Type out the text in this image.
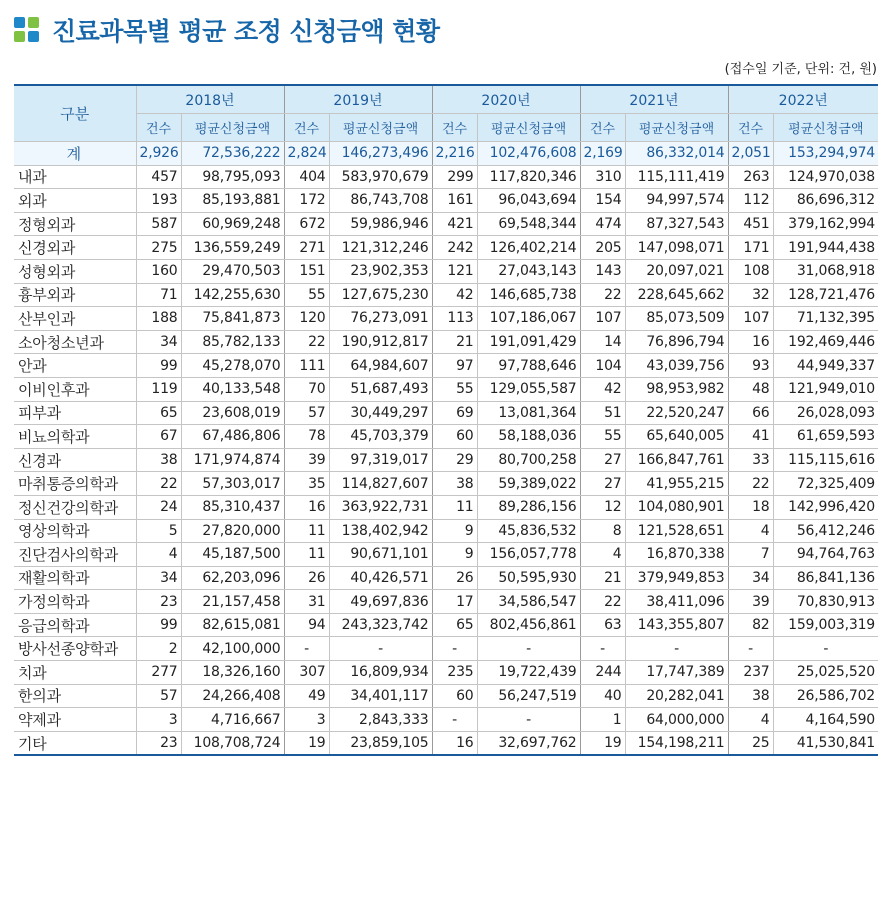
진료과목별 평균 조정 신청금액 현황
(접수일 기준, 단위: 건, 원)
구분	2018년		2019년		2020년		2021년		2022년	
	건수	평균신청금액	건수	평균신청금액	건수	평균신청금액	건수	평균신청금액	건수	평균신청금액
계	2,926	72,536,222	2,824	146,273,496	2,216	102,476,608	2,169	86,332,014	2,051	153,294,974
내과	457	98,795,093	404	583,970,679	299	117,820,346	310	115,111,419	263	124,970,038
외과	193	85,193,881	172	86,743,708	161	96,043,694	154	94,997,574	112	86,696,312
정형외과	587	60,969,248	672	59,986,946	421	69,548,344	474	87,327,543	451	379,162,994
신경외과	275	136,559,249	271	121,312,246	242	126,402,214	205	147,098,071	171	191,944,438
성형외과	160	29,470,503	151	23,902,353	121	27,043,143	143	20,097,021	108	31,068,918
흉부외과	71	142,255,630	55	127,675,230	42	146,685,738	22	228,645,662	32	128,721,476
산부인과	188	75,841,873	120	76,273,091	113	107,186,067	107	85,073,509	107	71,132,395
소아청소년과	34	85,782,133	22	190,912,817	21	191,091,429	14	76,896,794	16	192,469,446
안과	99	45,278,070	111	64,984,607	97	97,788,646	104	43,039,756	93	44,949,337
이비인후과	119	40,133,548	70	51,687,493	55	129,055,587	42	98,953,982	48	121,949,010
피부과	65	23,608,019	57	30,449,297	69	13,081,364	51	22,520,247	66	26,028,093
비뇨의학과	67	67,486,806	78	45,703,379	60	58,188,036	55	65,640,005	41	61,659,593
신경과	38	171,974,874	39	97,319,017	29	80,700,258	27	166,847,761	33	115,115,616
마취통증의학과	22	57,303,017	35	114,827,607	38	59,389,022	27	41,955,215	22	72,325,409
정신건강의학과	24	85,310,437	16	363,922,731	11	89,286,156	12	104,080,901	18	142,996,420
영상의학과	5	27,820,000	11	138,402,942	9	45,836,532	8	121,528,651	4	56,412,246
진단검사의학과	4	45,187,500	11	90,671,101	9	156,057,778	4	16,870,338	7	94,764,763
재활의학과	34	62,203,096	26	40,426,571	26	50,595,930	21	379,949,853	34	86,841,136
가정의학과	23	21,157,458	31	49,697,836	17	34,586,547	22	38,411,096	39	70,830,913
응급의학과	99	82,615,081	94	243,323,742	65	802,456,861	63	143,355,807	82	159,003,319
방사선종양학과	2	42,100,000	-	-	-	-	-	-	-	-
치과	277	18,326,160	307	16,809,934	235	19,722,439	244	17,747,389	237	25,025,520
한의과	57	24,266,408	49	34,401,117	60	56,247,519	40	20,282,041	38	26,586,702
약제과	3	4,716,667	3	2,843,333	-	-	1	64,000,000	4	4,164,590
기타	23	108,708,724	19	23,859,105	16	32,697,762	19	154,198,211	25	41,530,841
